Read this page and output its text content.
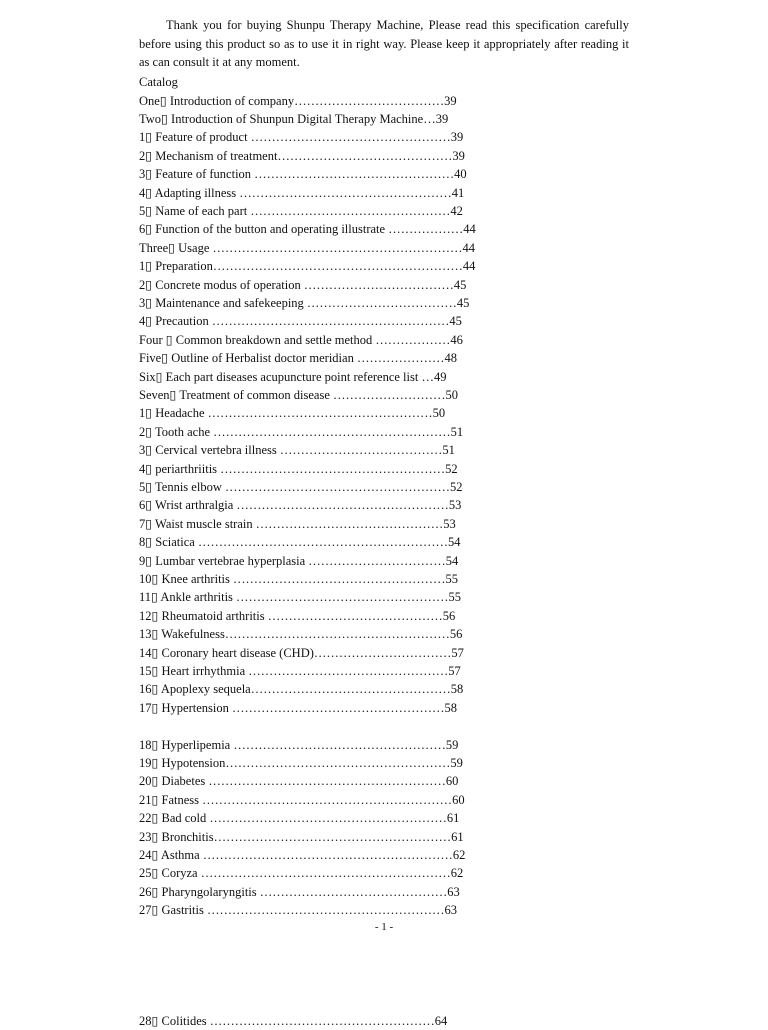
Thank you for buying Shunpu Therapy Machine, Please read this specification carefully before using this product so as to use it in right way. Please keep it appropriately after reading it as can consult it at any moment.
Catalog
One▯ Introduction of company………………………………39
Two▯ Introduction of Shunpun Digital Therapy Machine…39
1▯ Feature of product …………………………………………39
2▯ Mechanism of treatment……………………………………39
3▯ Feature of function …………………………………………40
4▯ Adapting illness ……………………………………………41
5▯ Name of each part …………………………………………42
6▯ Function of the button and operating illustrate ………………44
Three▯ Usage ……………………………………………………44
1▯ Preparation……………………………………………………44
2▯ Concrete modus of operation ………………………………45
3▯ Maintenance and safekeeping ………………………………45
4▯ Precaution …………………………………………………45
Four ▯ Common breakdown and settle method ………………46
Five▯ Outline of Herbalist doctor meridian …………………48
Six▯ Each part diseases acupuncture point reference list …49
Seven▯ Treatment of common disease ………………………50
1▯ Headache ………………………………………………50
2▯ Tooth ache …………………………………………………51
3▯ Cervical vertebra illness …………………………………51
4▯ periarthriitis ………………………………………………52
5▯ Tennis elbow ………………………………………………52
6▯ Wrist arthralgia ……………………………………………53
7▯ Waist muscle strain ………………………………………53
8▯ Sciatica ……………………………………………………54
9▯ Lumbar vertebrae hyperplasia ……………………………54
10▯ Knee arthritis ……………………………………………55
11▯ Ankle arthritis ……………………………………………55
12▯ Rheumatoid arthritis ……………………………………56
13▯ Wakefulness………………………………………………56
14▯ Coronary heart disease (CHD)……………………………57
15▯ Heart irrhythmia …………………………………………57
16▯ Apoplexy sequela…………………………………………58
17▯ Hypertension ……………………………………………58
18▯ Hyperlipemia ……………………………………………59
19▯ Hypotension………………………………………………59
20▯ Diabetes …………………………………………………60
21▯ Fatness ……………………………………………………60
22▯ Bad cold …………………………………………………61
23▯ Bronchitis…………………………………………………61
24▯ Asthma ……………………………………………………62
25▯ Coryza ……………………………………………………62
26▯ Pharyngolaryngitis ………………………………………63
27▯ Gastritis …………………………………………………63
- 1 -
28▯ Colitides ………………………………………………64
